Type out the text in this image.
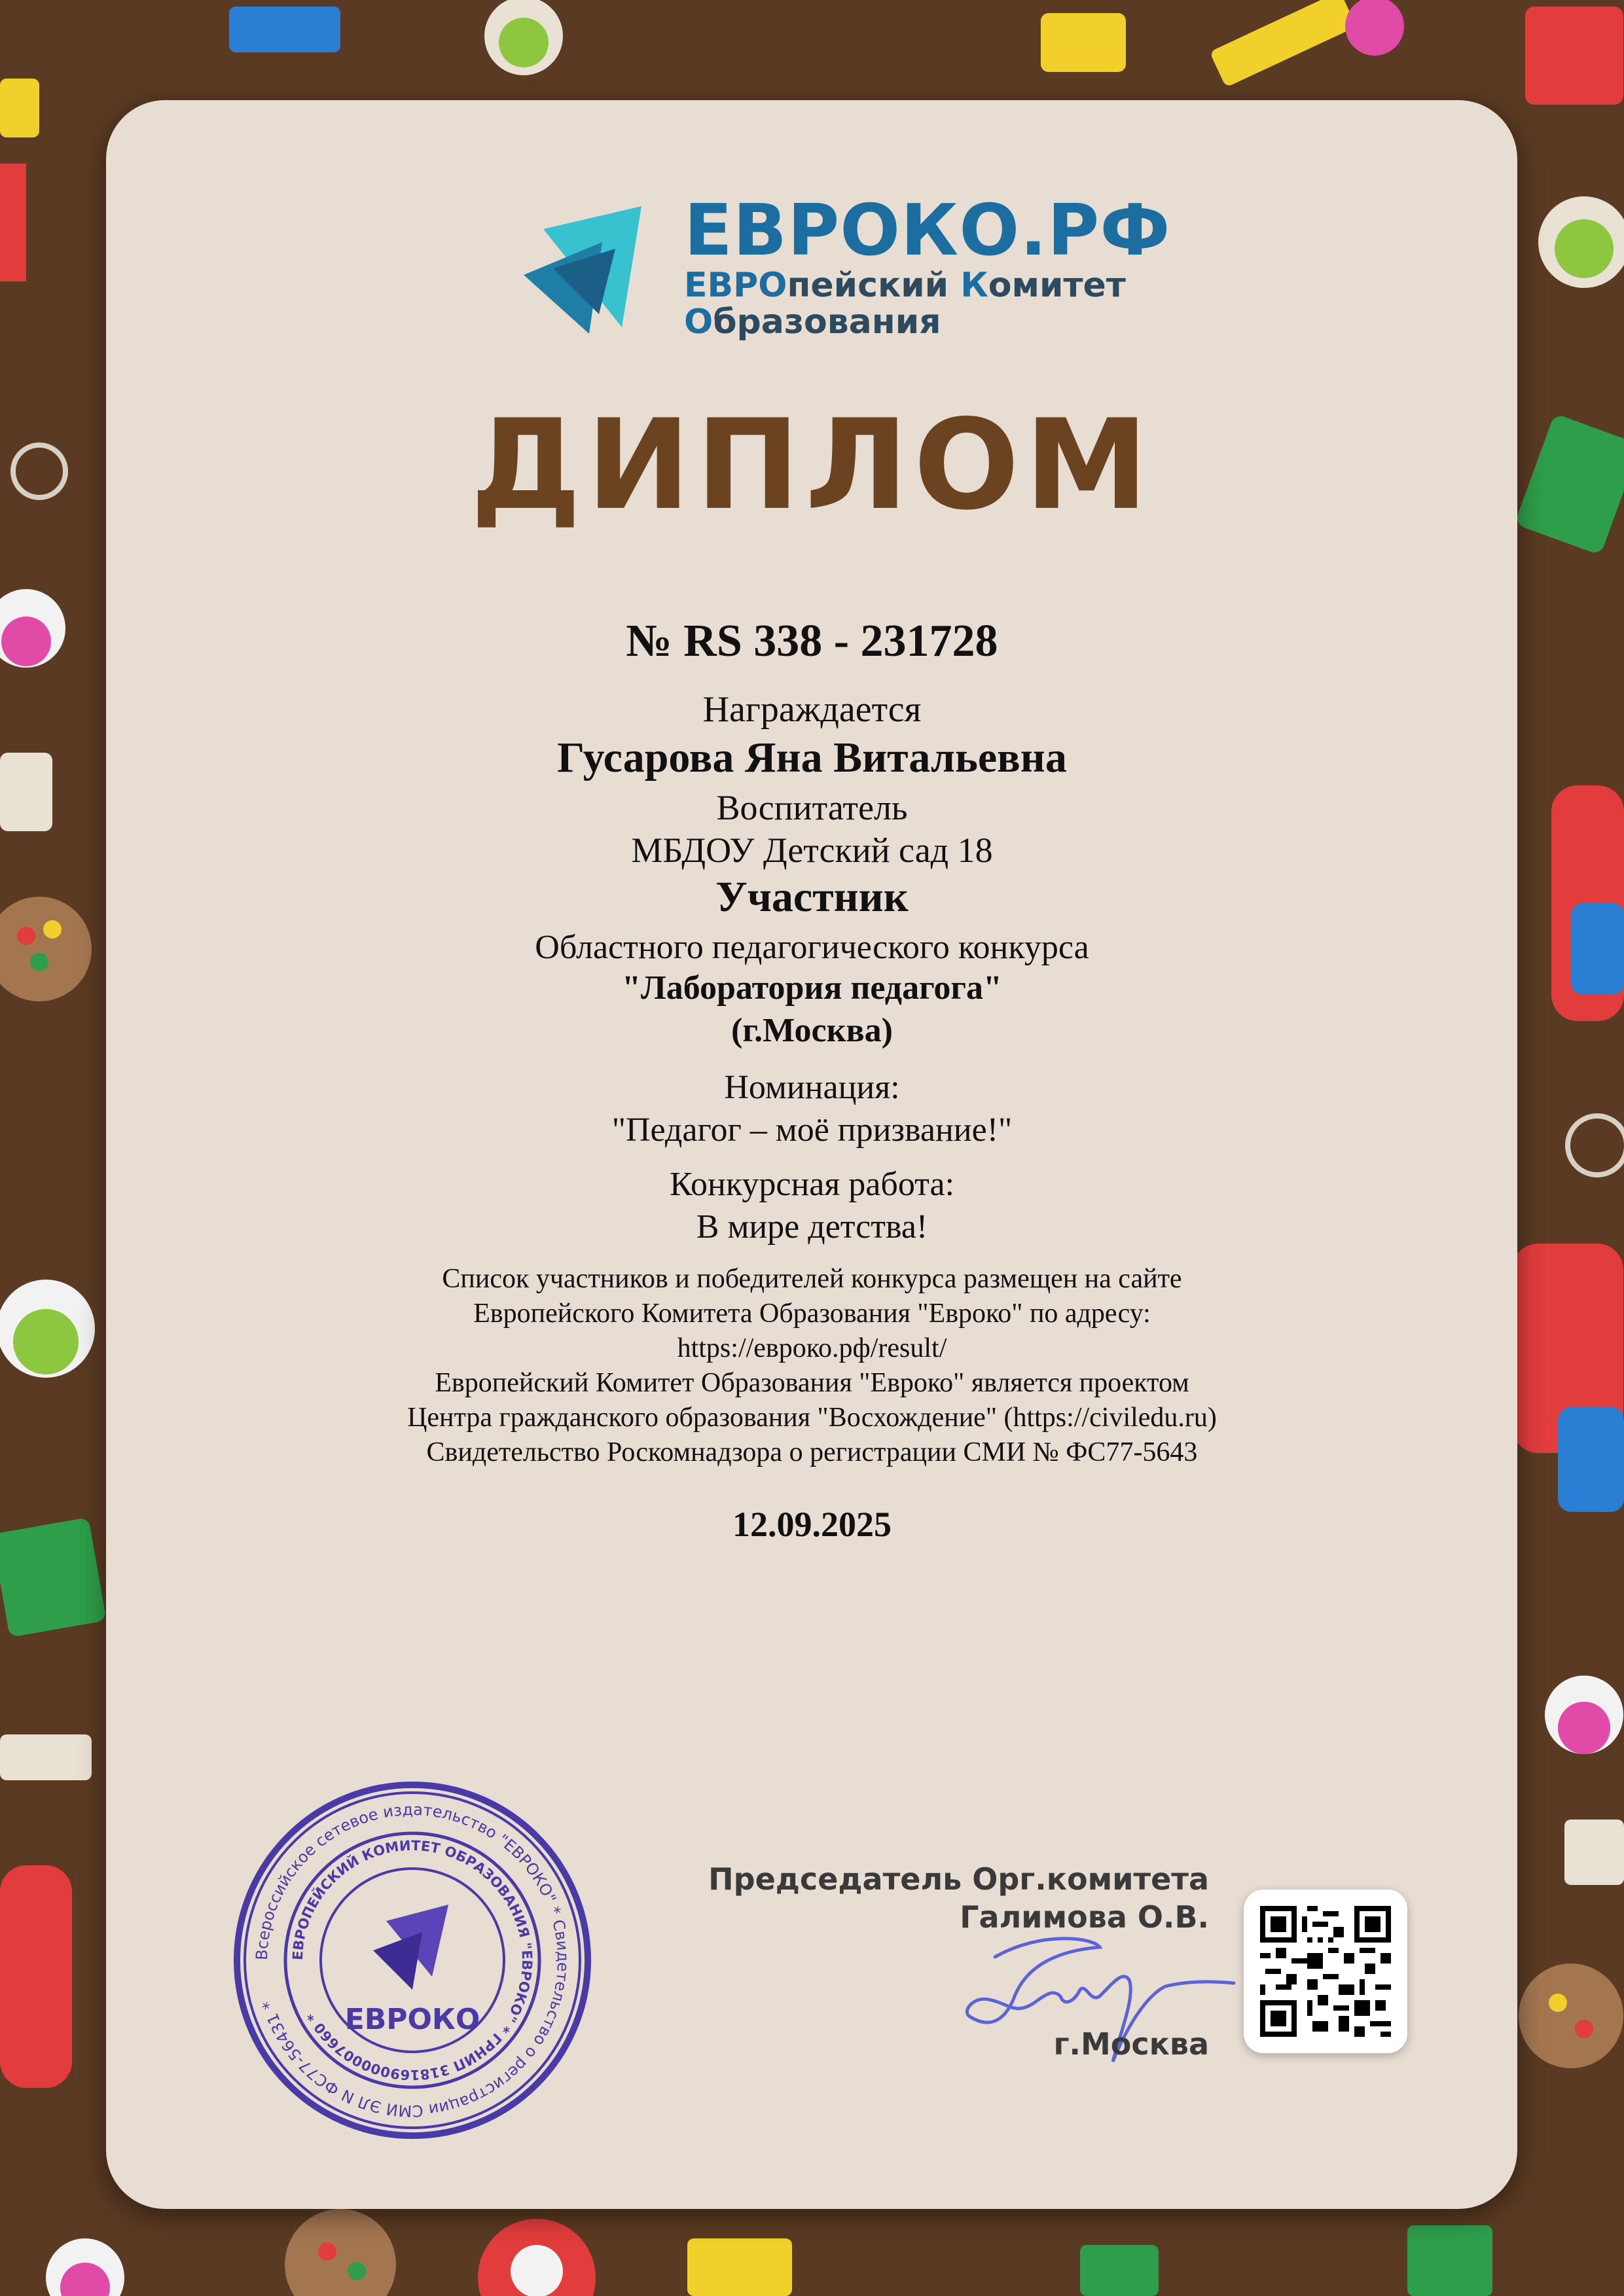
ЕВРОКО.РФ
ЕВРОпейский Комитет
Образования
ДИПЛОМ
№ RS 338 - 231728
Награждается
Гусарова Яна Витальевна
Воспитатель
МБДОУ Детский сад 18
Участник
Областного педагогического конкурса
"Лаборатория педагога"
(г.Москва)
Номинация:
"Педагог – моё призвание!"
Конкурсная работа:
В мире детства!
Список участников и победителей конкурса размещен на сайте
Европейского Комитета Образования "Евроко" по адресу:
https://евроко.рф/result/
Европейский Комитет Образования "Евроко" является проектом
Центра гражданского образования "Восхождение" (https://civiledu.ru)
Свидетельство Роскомнадзора о регистрации СМИ № ФС77-5643
12.09.2025
Всероссийское сетевое издательство "ЕВРОКО" * Свидетельство о регистрации СМИ ЭЛ N ФС77-56431 *
ЕВРОПЕЙСКИЙ КОМИТЕТ ОБРАЗОВАНИЯ "ЕВРОКО" * ГРНИП 318169000007660 * ЕВРОКО
Председатель Орг.комитета
Галимова О.В.
г.Москва
